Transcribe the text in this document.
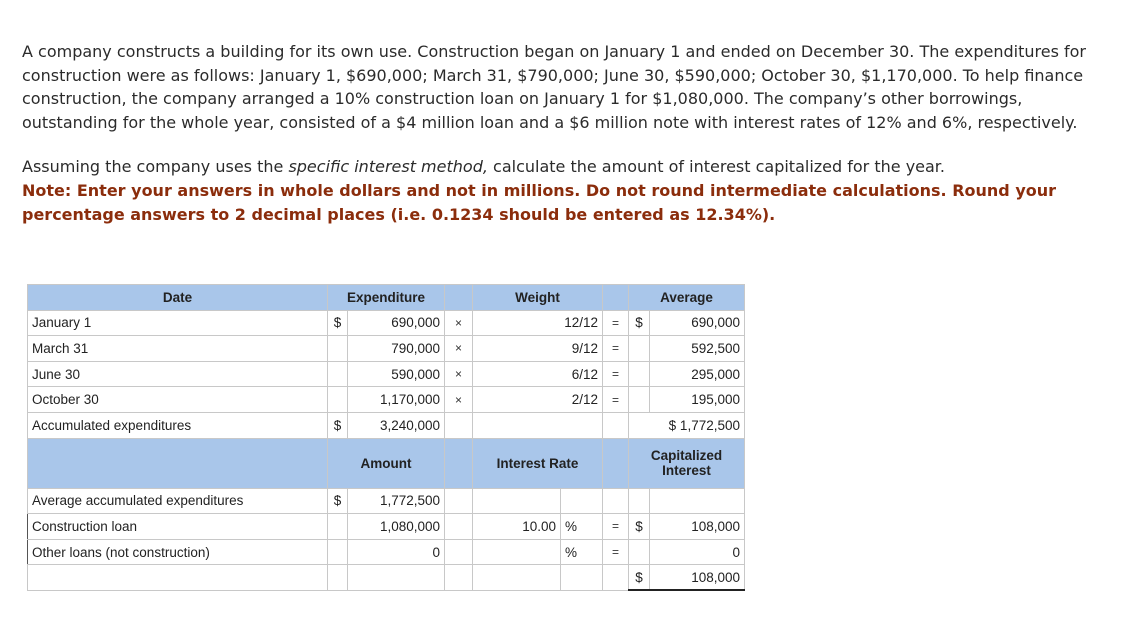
A company constructs a building for its own use. Construction began on January 1 and ended on December 30. The expenditures for construction were as follows: January 1, $690,000; March 31, $790,000; June 30, $590,000; October 30, $1,170,000. To help finance construction, the company arranged a 10% construction loan on January 1 for $1,080,000. The company’s other borrowings, outstanding for the whole year, consisted of a $4 million loan and a $6 million note with interest rates of 12% and 6%, respectively.

Assuming the company uses the specific interest method, calculate the amount of interest capitalized for the year.
Note: Enter your answers in whole dollars and not in millions. Do not round intermediate calculations. Round your percentage answers to 2 decimal places (i.e. 0.1234 should be entered as 12.34%).

Date	Expenditure			Weight			Average	
January 1	$	690,000	×	12/12		=	$	690,000
March 31		790,000	×	9/12		=		592,500
June 30		590,000	×	6/12		=		295,000
October 30		1,170,000	×	2/12		=		195,000
Accumulated expenditures	$	3,240,000					$ 1,772,500	
	Amount			Interest Rate			Capitalized
Interest	

Average accumulated expenditures	$	1,772,500						
Construction loan		1,080,000		10.00	%	=	$	108,000
Other loans (not construction)		0			%	=		0
							$	108,000
